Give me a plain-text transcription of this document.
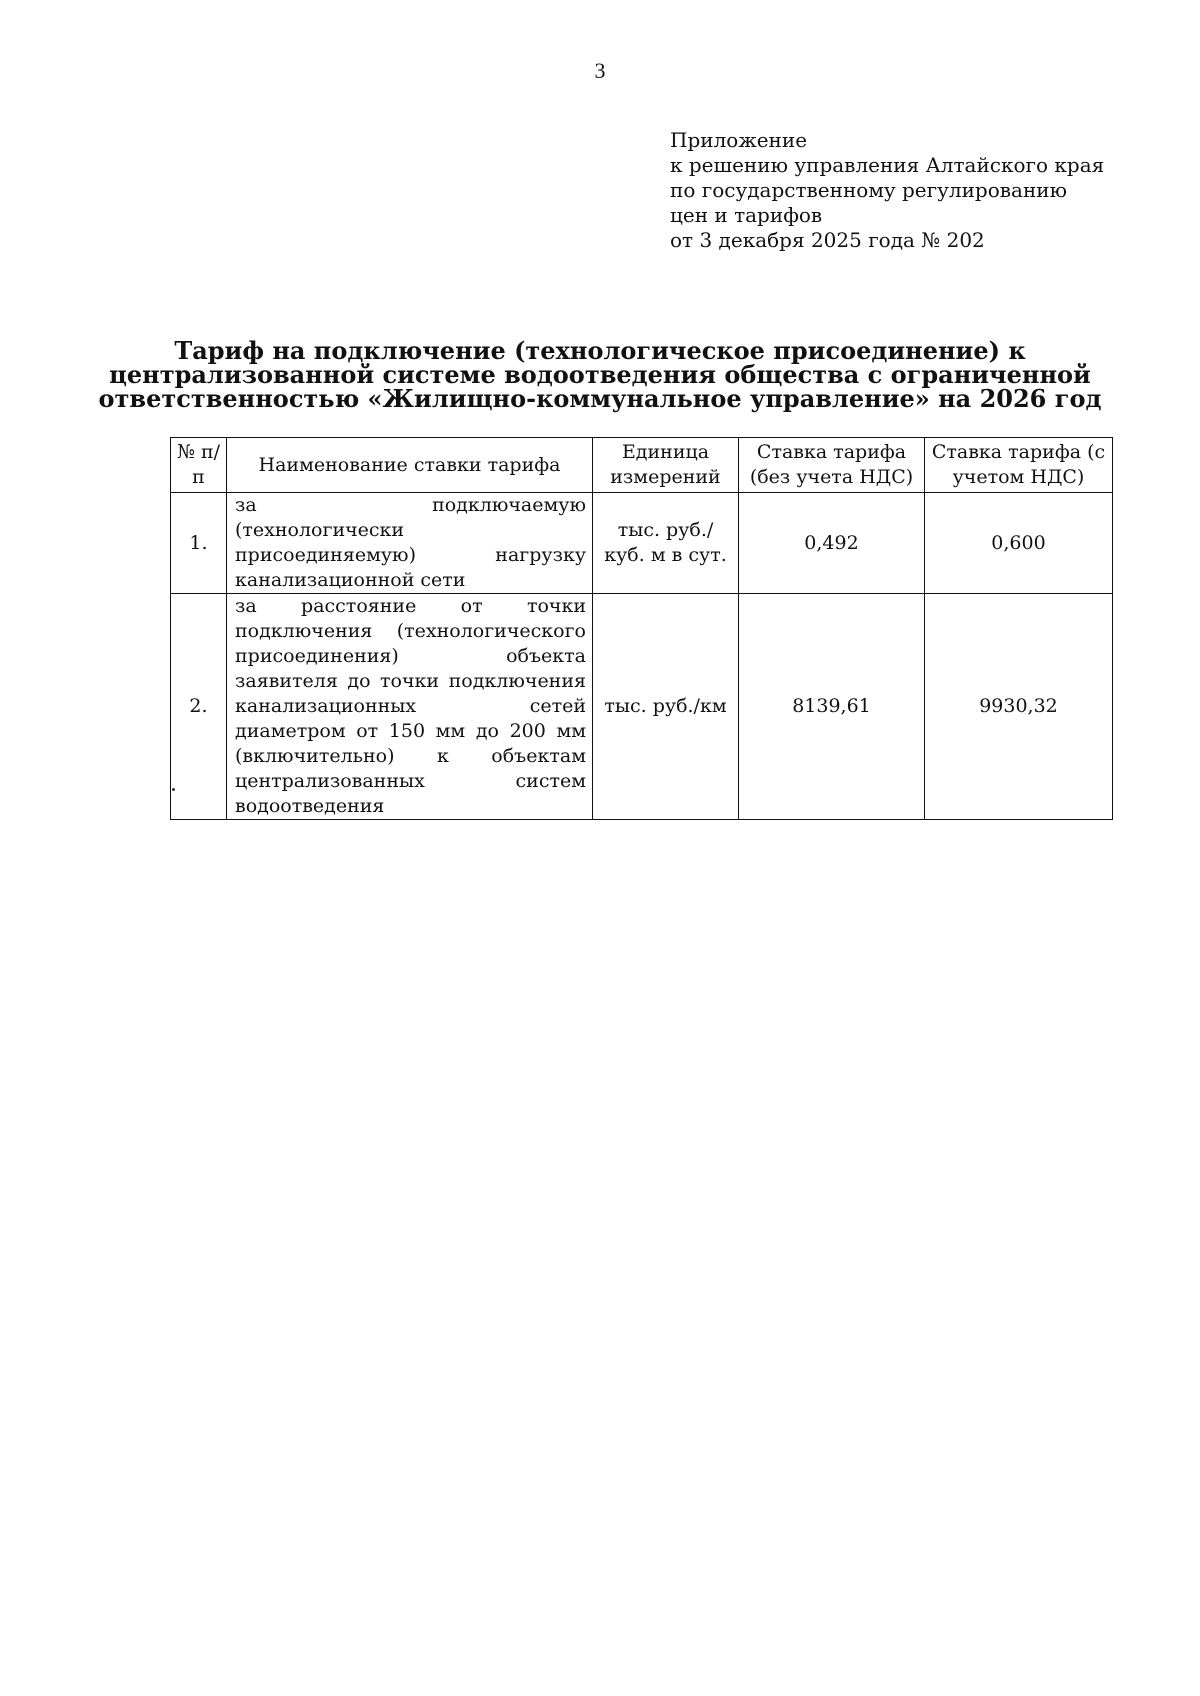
3
Приложение
к решению управления Алтайского края
по государственному регулированию
цен и тарифов
от 3 декабря 2025 года № 202
Тариф на подключение (технологическое присоединение) к
централизованной системе водоотведения общества с ограниченной
ответственностью «Жилищно-коммунальное управление» на 2026 год
№ п/п	Наименование ставки тарифа	Единица измерений	Ставка тарифа (без учета НДС)	Ставка тарифа (с учетом НДС)
1.	за подключаемую (технологически присоединяемую) нагрузку канализационной сети	тыс. руб./ куб. м в сут.	0,492	0,600
2.	за расстояние от точки подключения (технологического присоединения) объекта заявителя до точки подключения канализационных сетей диаметром от 150 мм до 200 мм (включительно) к объектам централизованных систем водоотведения	тыс. руб./км	8139,61	9930,32
